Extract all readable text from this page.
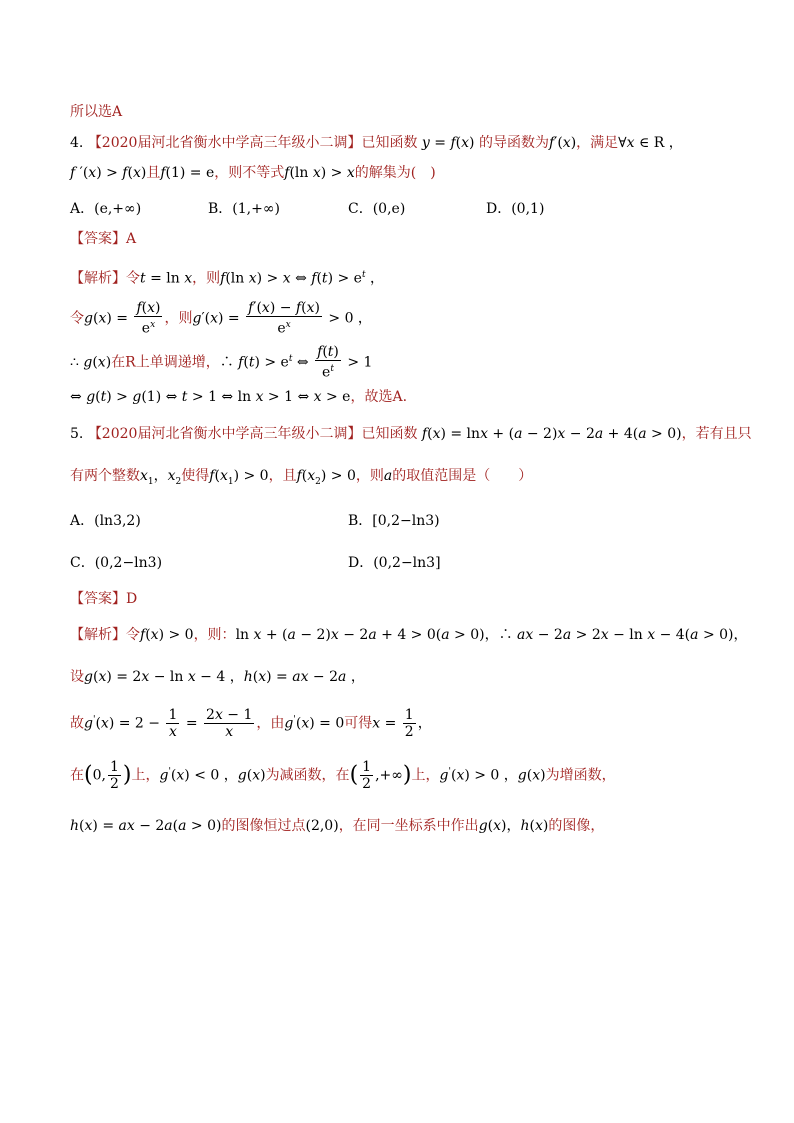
所以选A
4. 【2020届河北省衡水中学高三年级小二调】已知函数 y = f(x) 的导函数为f′(x)，满足∀x ∈ R ，
f ′(x) > f(x)且f(1) = e，则不等式f(ln x) > x的解集为(　)
A．(e,+∞)	B．(1,+∞)	C．(0,e)	D．(0,1)
【答案】A
【解析】令t = ln x，则f(ln x) > x ⇔ $f(t) > e^t$ ，
令$g(x) = \frac{f(x)}{e^x}$ ，则$g'(x) = \frac{f'(x) - f(x)}{e^x} > 0$ ，
∴ g(x)在R上单调递增，∴ $f(t) > e^t$ ⇔ $\frac{f(t)}{e^t} > 1$
⇔ g(t) > g(1) ⇔ t > 1 ⇔ ln x > 1 ⇔ x > e，故选A.
5. 【2020届河北省衡水中学高三年级小二调】已知函数 f(x) = lnx + (a − 2)x − 2a + 4(a > 0)，若有且只
有两个整数$x_1$，$x_2$使得$f(x_1) > 0$，且$f(x_2) > 0$，则a的取值范围是（　　）
A．(ln3,2)	B．[0,2−ln3)
C．(0,2−ln3)	D．(0,2−ln3]
【答案】D
【解析】令f(x) > 0，则：ln x + (a − 2)x − 2a + 4 > 0(a > 0)，∴ ax − 2a > 2x − ln x − 4(a > 0)，
设g(x) = 2x − ln x − 4 ，h(x) = ax − 2a ，
故$g'(x) = 2 - \frac{1}{x} = \frac{2x - 1}{x}$ ，由g'(x) = 0可得$x = \frac{1}{2}$ ，
在(0, $\frac{1}{2}$ )上，g'(x) < 0 ，g(x)为减函数，在( $\frac{1}{2}$ ,+∞)上，g'(x) > 0 ，g(x)为增函数，
h(x) = ax − 2a(a > 0)的图像恒过点(2,0)，在同一坐标系中作出g(x)，h(x)的图像，
